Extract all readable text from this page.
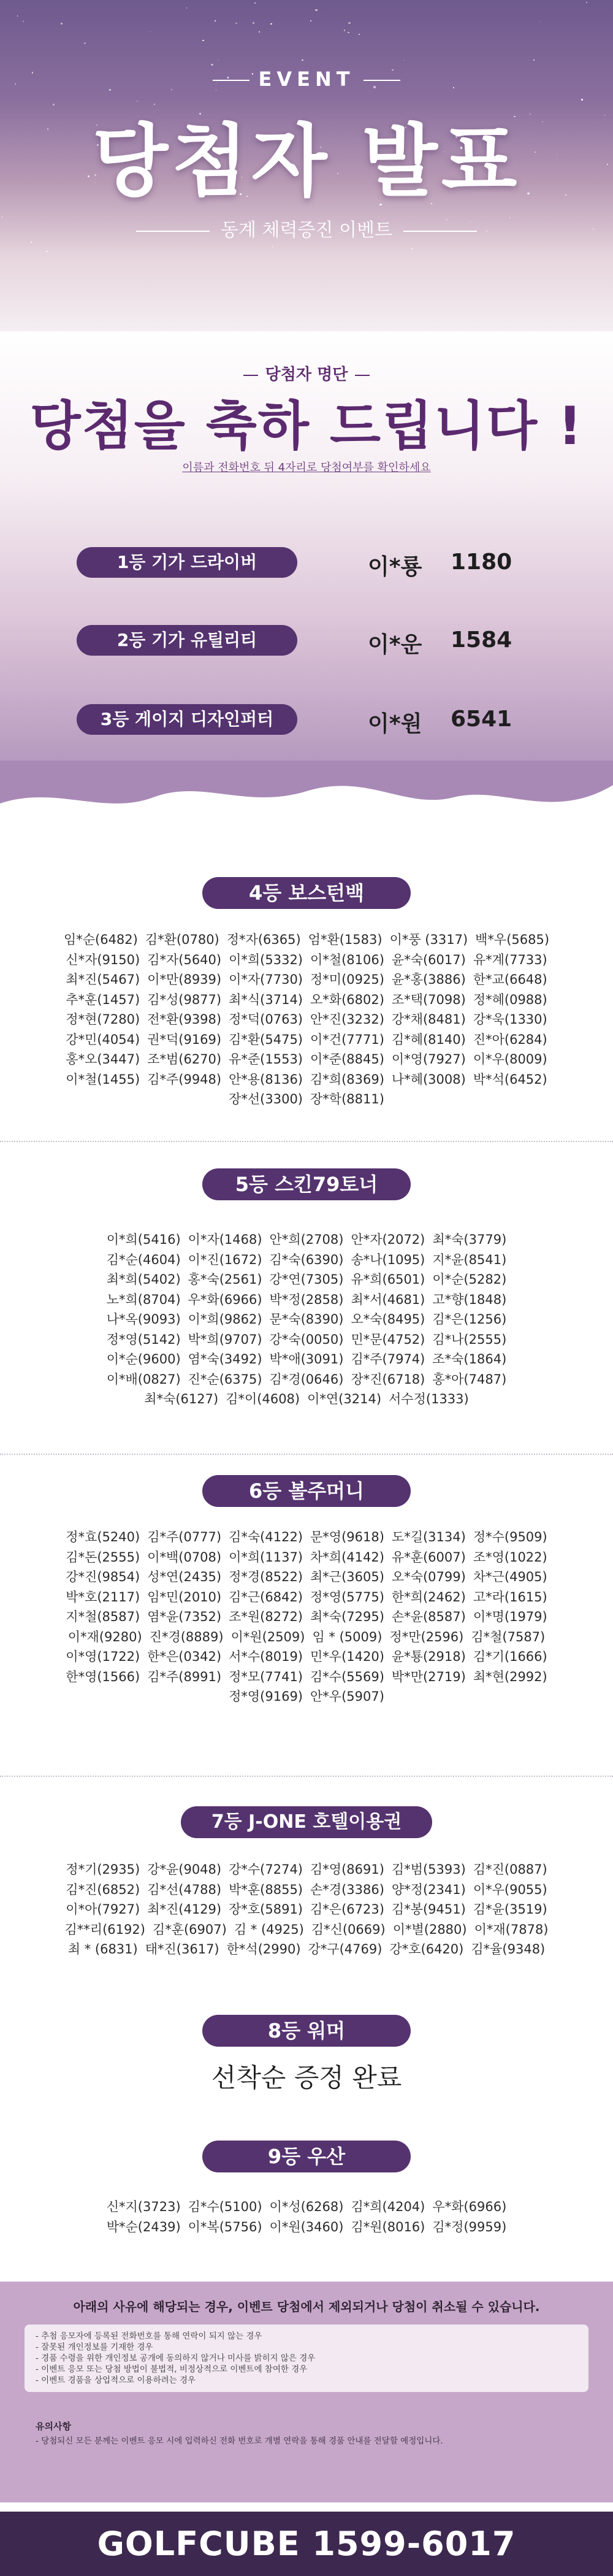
EVENT
당첨자 발표
동계 체력증진 이벤트
당첨자 명단
당첨을 축하 드립니다 !
이름과 전화번호 뒤 4자리로 당첨여부를 확인하세요
1등 기가 드라이버	이*룡 1180
2등 기가 유틸리티	이*운 1584
3등 게이지 디자인퍼터	이*원 6541
4등 보스턴백
임*순(6482) 김*환(0780) 정*자(6365) 엄*환(1583) 이*풍 (3317) 백*우(5685)
신*자(9150) 김*자(5640) 이*희(5332) 이*철(8106) 윤*숙(6017) 유*계(7733)
최*진(5467) 이*만(8939) 이*자(7730) 정*미(0925) 윤*홍(3886) 한*교(6648)
추*훈(1457) 김*성(9877) 최*식(3714) 오*화(6802) 조*택(7098) 정*혜(0988)
정*현(7280) 전*환(9398) 정*덕(0763) 안*진(3232) 강*채(8481) 강*욱(1330)
강*민(4054) 권*덕(9169) 김*환(5475) 이*건(7771) 김*혜(8140) 진*아(6284)
홍*오(3447) 조*범(6270) 유*준(1553) 이*준(8845) 이*영(7927) 이*우(8009)
이*철(1455) 김*주(9948) 안*용(8136) 김*희(8369) 나*혜(3008) 박*석(6452)
장*선(3300) 장*학(8811)
5등 스킨79토너
이*희(5416) 이*자(1468) 안*희(2708) 안*자(2072) 최*숙(3779)
김*순(4604) 이*진(1672) 김*숙(6390) 송*나(1095) 지*윤(8541)
최*희(5402) 홍*숙(2561) 강*연(7305) 유*희(6501) 이*순(5282)
노*희(8704) 우*화(6966) 박*정(2858) 최*서(4681) 고*향(1848)
나*옥(9093) 이*희(9862) 문*숙(8390) 오*숙(8495) 김*은(1256)
정*영(5142) 박*희(9707) 강*숙(0050) 민*문(4752) 김*나(2555)
이*순(9600) 염*숙(3492) 박*애(3091) 김*주(7974) 조*숙(1864)
이*배(0827) 진*순(6375) 김*경(0646) 장*진(6718) 홍*아(7487)
최*숙(6127) 김*이(4608) 이*연(3214) 서수정(1333)
6등 볼주머니
정*효(5240) 김*주(0777) 김*숙(4122) 문*영(9618) 도*길(3134) 정*수(9509)
김*돈(2555) 이*백(0708) 이*희(1137) 차*희(4142) 유*훈(6007) 조*영(1022)
강*진(9854) 성*연(2435) 정*경(8522) 최*근(3605) 오*숙(0799) 차*근(4905)
박*호(2117) 임*민(2010) 김*근(6842) 정*영(5775) 한*희(2462) 고*라(1615)
지*철(8587) 염*윤(7352) 조*원(8272) 최*숙(7295) 손*윤(8587) 이*명(1979)
이*재(9280) 진*경(8889) 이*원(2509) 임 * (5009) 정*만(2596) 김*철(7587)
이*영(1722) 한*은(0342) 서*수(8019) 민*우(1420) 윤*툥(2918) 김*기(1666)
한*영(1566) 김*주(8991) 정*모(7741) 김*수(5569) 박*만(2719) 최*현(2992)
정*영(9169) 안*우(5907)
7등 J-ONE 호텔이용권
정*기(2935) 강*윤(9048) 강*수(7274) 김*영(8691) 김*범(5393) 김*진(0887)
김*진(6852) 김*선(4788) 박*훈(8855) 손*경(3386) 양*정(2341) 이*우(9055)
이*아(7927) 최*진(4129) 장*호(5891) 김*은(6723) 김*봉(9451) 김*윤(3519)
김**리(6192) 김*훈(6907) 김 * (4925) 김*신(0669) 이*별(2880) 이*재(7878)
최 * (6831) 태*진(3617) 한*석(2990) 강*구(4769) 강*호(6420) 김*율(9348)
8등 워머
선착순 증정 완료
9등 우산
신*지(3723) 김*수(5100) 이*성(6268) 김*희(4204) 우*화(6966)
박*순(2439) 이*복(5756) 이*원(3460) 김*원(8016) 김*정(9959)
아래의 사유에 해당되는 경우, 이벤트 당첨에서 제외되거나 당첨이 취소될 수 있습니다.
- 추첨 응모자에 등록된 전화번호를 통해 연락이 되지 않는 경우
- 잘못된 개인정보를 기재한 경우
- 경품 수령을 위한 개인정보 공개에 동의하지 않거나 미사를 밝히지 않은 경우
- 이벤트 응모 또는 당첨 방법이 불법적, 비정상적으로 이벤트에 참여한 경우
- 이벤트 경품을 상업적으로 이용하려는 경우
유의사항
- 당첨되신 모든 분께는 이벤트 응모 시에 입력하신 전화 번호로 개별 연락을 통해 경품 안내를 전달할 예정입니다.
GOLFCUBE 1599-6017
